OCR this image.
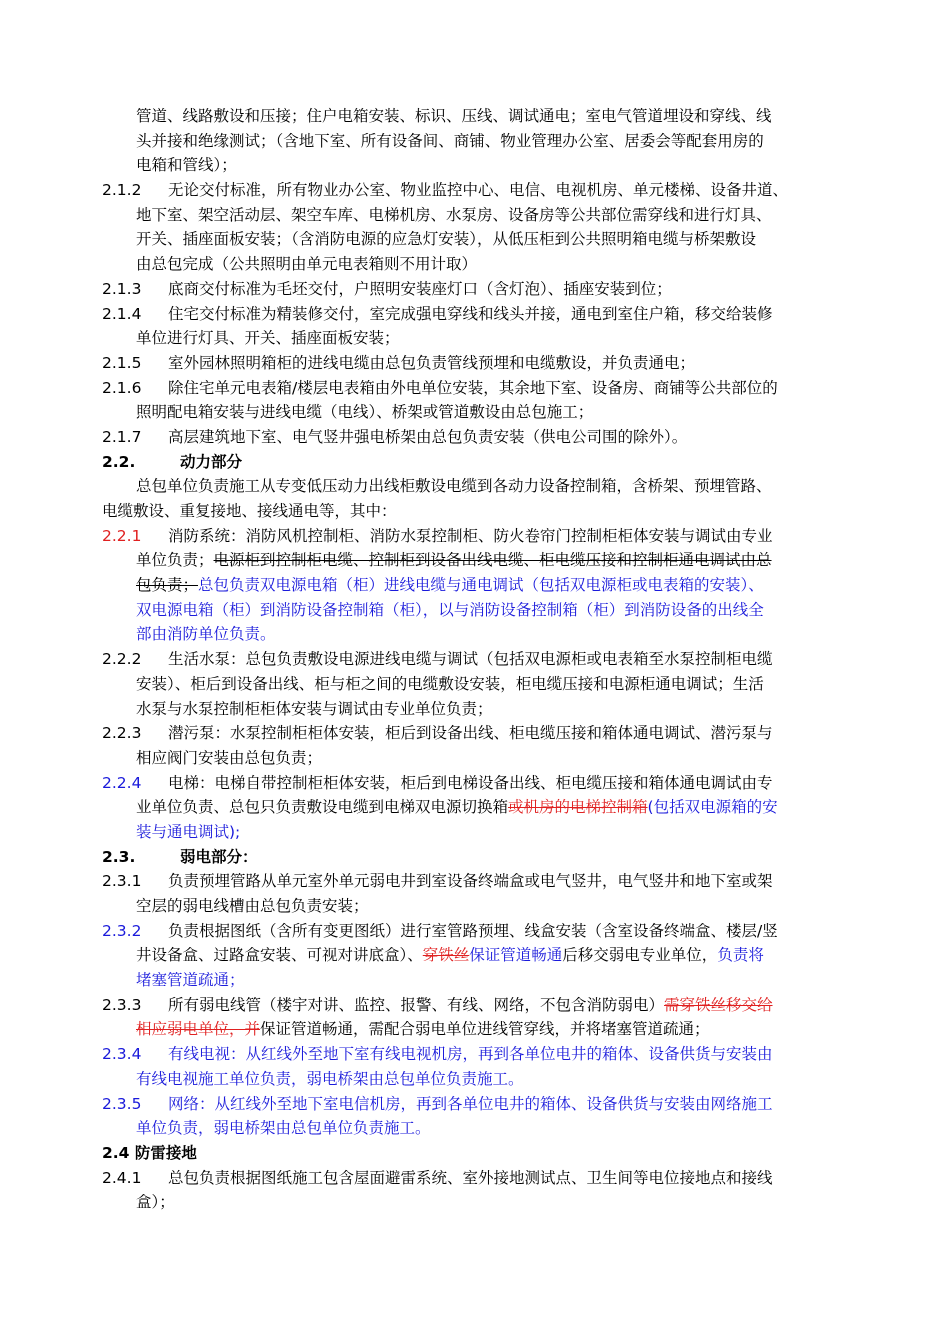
管道、线路敷设和压接；住户电箱安装、标识、压线、调试通电；室电气管道埋设和穿线、线
头并接和绝缘测试；（含地下室、所有设备间、商铺、物业管理办公室、居委会等配套用房的
电箱和管线）；
2.1.2 无论交付标准，所有物业办公室、物业监控中心、电信、电视机房、单元楼梯、设备井道、
地下室、架空活动层、架空车库、电梯机房、水泵房、设备房等公共部位需穿线和进行灯具、
开关、插座面板安装；（含消防电源的应急灯安装），从低压柜到公共照明箱电缆与桥架敷设
由总包完成（公共照明由单元电表箱则不用计取）
2.1.3 底商交付标准为毛坯交付，户照明安装座灯口（含灯泡）、插座安装到位；
2.1.4 住宅交付标准为精装修交付，室完成强电穿线和线头并接，通电到室住户箱，移交给装修
单位进行灯具、开关、插座面板安装；
2.1.5 室外园林照明箱柜的进线电缆由总包负责管线预埋和电缆敷设，并负责通电；
2.1.6 除住宅单元电表箱/楼层电表箱由外电单位安装，其余地下室、设备房、商铺等公共部位的
照明配电箱安装与进线电缆（电线）、桥架或管道敷设由总包施工；
2.1.7 高层建筑地下室、电气竖井强电桥架由总包负责安装（供电公司围的除外）。
2.2.	动力部分
总包单位负责施工从专变低压动力出线柜敷设电缆到各动力设备控制箱，含桥架、预埋管路、
电缆敷设、重复接地、接线通电等，其中：
2.2.1 消防系统：消防风机控制柜、消防水泵控制柜、防火卷帘门控制柜柜体安装与调试由专业
单位负责；电源柜到控制柜电缆、控制柜到设备出线电缆、柜电缆压接和控制柜通电调试由总
包负责；总包负责双电源电箱（柜）进线电缆与通电调试（包括双电源柜或电表箱的安装）、
双电源电箱（柜）到消防设备控制箱（柜），以与消防设备控制箱（柜）到消防设备的出线全
部由消防单位负责。
2.2.2 生活水泵：总包负责敷设电源进线电缆与调试（包括双电源柜或电表箱至水泵控制柜电缆
安装）、柜后到设备出线、柜与柜之间的电缆敷设安装，柜电缆压接和电源柜通电调试；生活
水泵与水泵控制柜柜体安装与调试由专业单位负责；
2.2.3 潜污泵：水泵控制柜柜体安装，柜后到设备出线、柜电缆压接和箱体通电调试、潜污泵与
相应阀门安装由总包负责；
2.2.4 电梯：电梯自带控制柜柜体安装，柜后到电梯设备出线、柜电缆压接和箱体通电调试由专
业单位负责、总包只负责敷设电缆到电梯双电源切换箱或机房的电梯控制箱(包括双电源箱的安
装与通电调试);
2.3.	弱电部分：
2.3.1 负责预埋管路从单元室外单元弱电井到室设备终端盒或电气竖井，电气竖井和地下室或架
空层的弱电线槽由总包负责安装；
2.3.2 负责根据图纸（含所有变更图纸）进行室管路预埋、线盒安装（含室设备终端盒、楼层/竖
井设备盒、过路盒安装、可视对讲底盒）、穿铁丝保证管道畅通后移交弱电专业单位，负责将
堵塞管道疏通；
2.3.3 所有弱电线管（楼宇对讲、监控、报警、有线、网络，不包含消防弱电）需穿铁丝移交给
相应弱电单位，并保证管道畅通，需配合弱电单位进线管穿线，并将堵塞管道疏通；
2.3.4 有线电视：从红线外至地下室有线电视机房，再到各单位电井的箱体、设备供货与安装由
有线电视施工单位负责，弱电桥架由总包单位负责施工。
2.3.5 网络：从红线外至地下室电信机房，再到各单位电井的箱体、设备供货与安装由网络施工
单位负责，弱电桥架由总包单位负责施工。
2.4 防雷接地
2.4.1 总包负责根据图纸施工包含屋面避雷系统、室外接地测试点、卫生间等电位接地点和接线
盒）；
